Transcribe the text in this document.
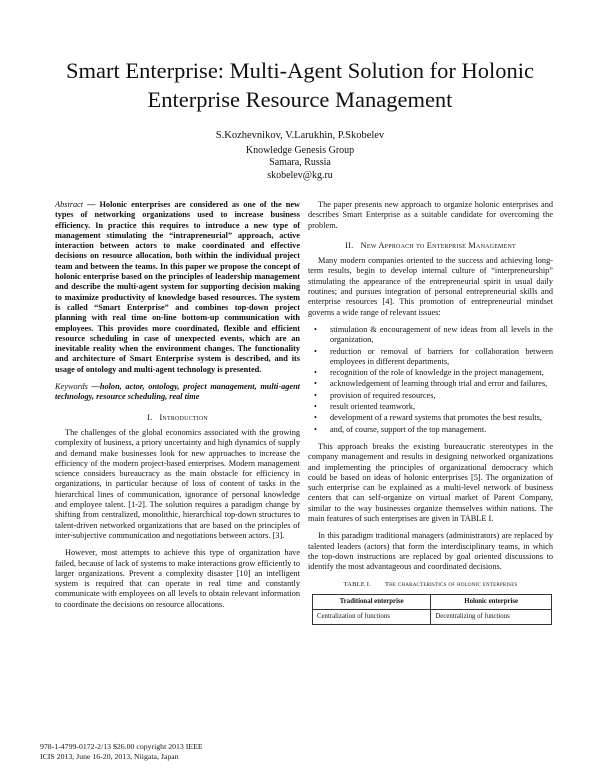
Smart Enterprise: Multi-Agent Solution for Holonic
Enterprise Resource Management
S.Kozhevnikov, V.Larukhin, P.Skobelev
Knowledge Genesis Group
Samara, Russia
skobelev@kg.ru
Abstract — Holonic enterprises are considered as one of the new types of networking organizations used to increase business efficiency. In practice this requires to introduce a new type of management stimulating the “intrapreneurial” approach, active interaction between actors to make coordinated and effective decisions on resource allocation, both within the individual project team and between the teams. In this paper we propose the concept of holonic enterprise based on the principles of leadership management and describe the multi-agent system for supporting decision making to maximize productivity of knowledge based resources. The system is called “Smart Enterprise” and combines top-down project planning with real time on-line bottom-up communication with employees. This provides more coordinated, flexible and efficient resource scheduling in case of unexpected events, which are an inevitable reality when the environment changes. The functionality and architecture of Smart Enterprise system is described, and its usage of ontology and multi-agent technology is presented.
Keywords —holon, actor, ontology, project management, multi-agent technology, resource scheduling, real time
I. Introduction

The challenges of the global economics associated with the growing complexity of business, a priory uncertainty and high dynamics of supply and demand make businesses look for new approaches to increase the efficiency of the modern project-based enterprises. Modern management science considers bureaucracy as the main obstacle for efficiency in organizations, in particular because of loss of content of tasks in the hierarchical lines of communication, ignorance of personal knowledge and employee talent. [1-2]. The solution requires a paradigm change by shifting from centralized, monolithic, hierarchical top-down structures to talent-driven networked organizations that are based on the principles of inter-subjective communication and negotiations between actors. [3].

However, most attempts to achieve this type of organization have failed, because of lack of systems to make interactions grow efficiently to larger organizations. Prevent a complexity disaster [10] an intelligent system is required that can operate in real time and constantly communicate with employees on all levels to obtain relevant information to coordinate the decisions on resource allocations.

The paper presents new approach to organize holonic enterprises and describes Smart Enterprise as a suitable candidate for overcoming the problem.

II. New Approach to Enterprise Management

Many modern companies oriented to the success and achieving long-term results, begin to develop internal culture of “interpreneurship” stimulating the appearance of the entrepreneurial spirit in usual daily routines; and pursues integration of personal entrepreneurial skills and enterprise resources [4]. This promotion of entrepreneurial mindset governs a wide range of relevant issues:

• stimulation & encouragement of new ideas from all levels in the organization,
• reduction or removal of barriers for collaboration between employees in different departments,
• recognition of the role of knowledge in the project management,
• acknowledgement of learning through trial and error and failures,
• provision of required resources,
• result oriented teamwork,
• development of a reward systems that promotes the best results,
• and, of course, support of the top management.

This approach breaks the existing bureaucratic stereotypes in the company management and results in designing networked organizations and implementing the principles of organizational democracy which could be based on ideas of holonic enterprises [5]. The organization of such enterprise can be explained as a multi-level network of business centers that can self-organize on virtual market of Parent Company, similar to the way businesses organize themselves within nations. The main features of such enterprises are given in TABLE I.

In this paradigm traditional managers (administrators) are replaced by talented leaders (actors) that form the interdisciplinary teams, in which the top-down instructions are replaced by goal oriented discussions to identify the most advantageous and coordinated decisions.

TABLE I. The characteristics of holonic enterprises
Traditional enterprise	Holonic enterprise
Centralization of functions	Decentralizing of functions
978-1-4799-0172-2/13 $26.00 copyright 2013 IEEE
ICIS 2013, June 16-20, 2013, Niigata, Japan
